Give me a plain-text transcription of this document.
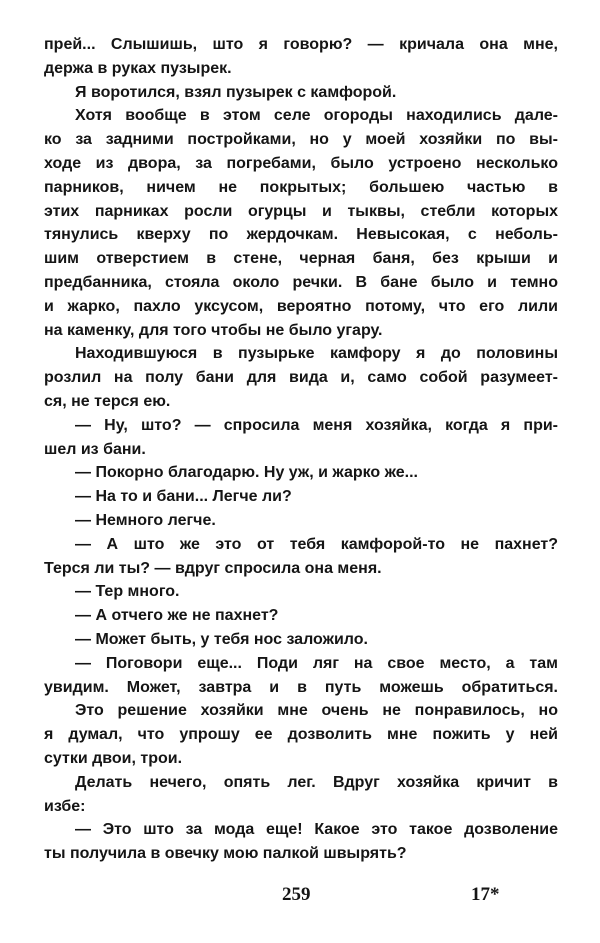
прей... Слышишь, што я говорю? — кричала она мне,
держа в руках пузырек.
Я воротился, взял пузырек с камфорой.
Хотя вообще в этом селе огороды находились дале-
ко за задними постройками, но у моей хозяйки по вы-
ходе из двора, за погребами, было устроено несколько
парников, ничем не покрытых; большею частью в
этих парниках росли огурцы и тыквы, стебли которых
тянулись кверху по жердочкам. Невысокая, с неболь-
шим отверстием в стене, черная баня, без крыши и
предбанника, стояла около речки. В бане было и темно
и жарко, пахло уксусом, вероятно потому, что его лили
на каменку, для того чтобы не было угару.
Находившуюся в пузырьке камфору я до половины
розлил на полу бани для вида и, само собой разумеет-
ся, не терся ею.
— Ну, што? — спросила меня хозяйка, когда я при-
шел из бани.
— Покорно благодарю. Ну уж, и жарко же...
— На то и бани... Легче ли?
— Немного легче.
— А што же это от тебя камфорой-то не пахнет?
Терся ли ты? — вдруг спросила она меня.
— Тер много.
— А отчего же не пахнет?
— Может быть, у тебя нос заложило.
— Поговори еще... Поди ляг на свое место, а там
увидим. Может, завтра и в путь можешь обратиться.
Это решение хозяйки мне очень не понравилось, но
я думал, что упрошу ее дозволить мне пожить у ней
сутки двои, трои.
Делать нечего, опять лег. Вдруг хозяйка кричит в
избе:
— Это што за мода еще! Какое это такое дозволение
ты получила в овечку мою палкой швырять?
259	17*
